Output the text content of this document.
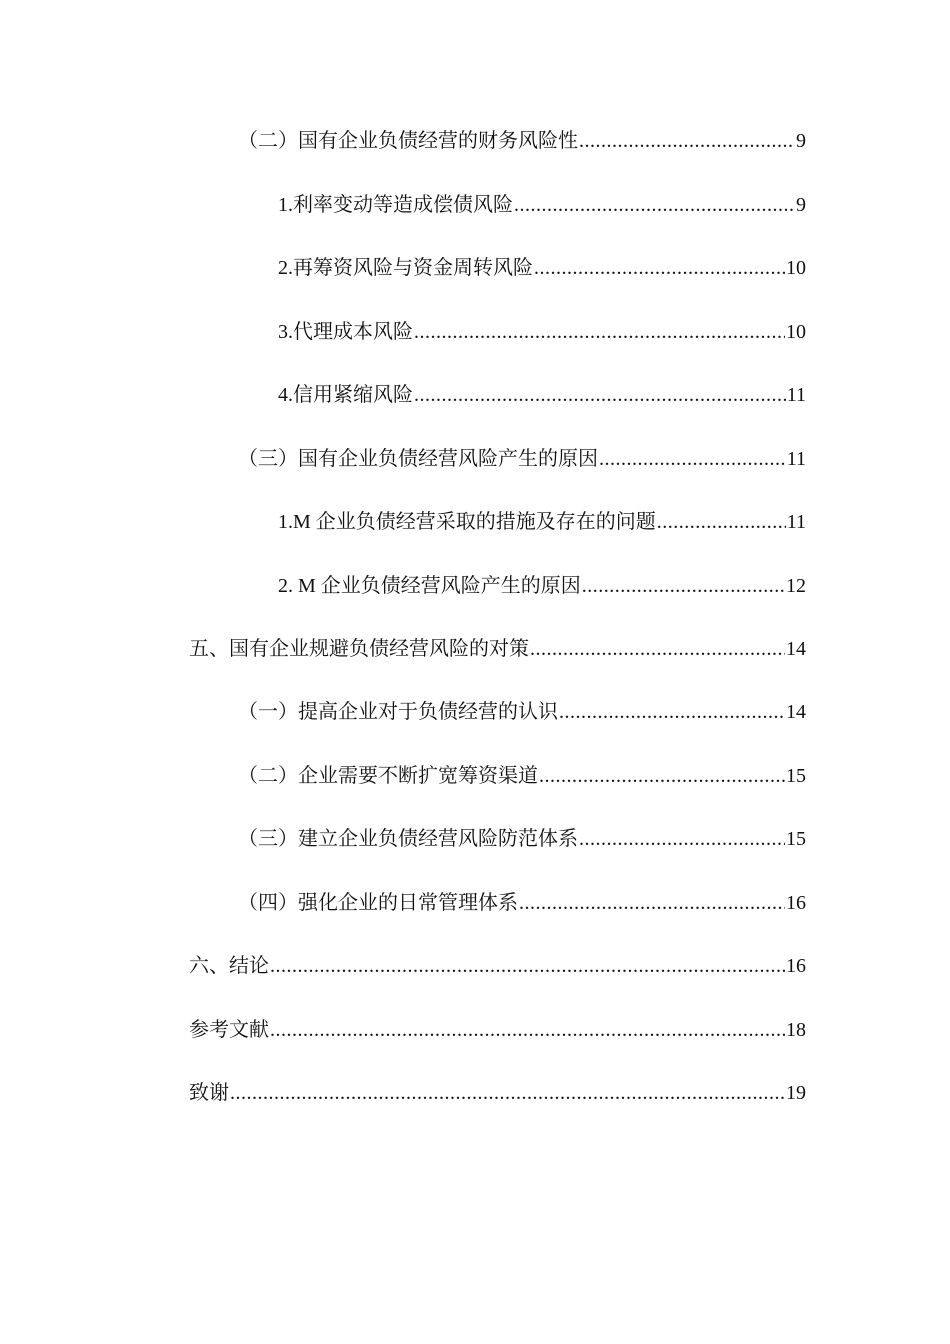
（二）国有企业负债经营的财务风险性 .....	9
1.利率变动等造成偿债风险 .....	9
2.再筹资风险与资金周转风险 .....	10
3.代理成本风险 .....	10
4.信用紧缩风险 .....	11
（三）国有企业负债经营风险产生的原因 .....	11
1.M 企业负债经营采取的措施及存在的问题 .....	11
2. M 企业负债经营风险产生的原因 .....	12
五、国有企业规避负债经营风险的对策 .....	14
（一）提高企业对于负债经营的认识 .....	14
（二）企业需要不断扩宽筹资渠道 .....	15
（三）建立企业负债经营风险防范体系 .....	15
（四）强化企业的日常管理体系 .....	16
六、结论 .....	16
参考文献 .....	18
致谢 .....	19
